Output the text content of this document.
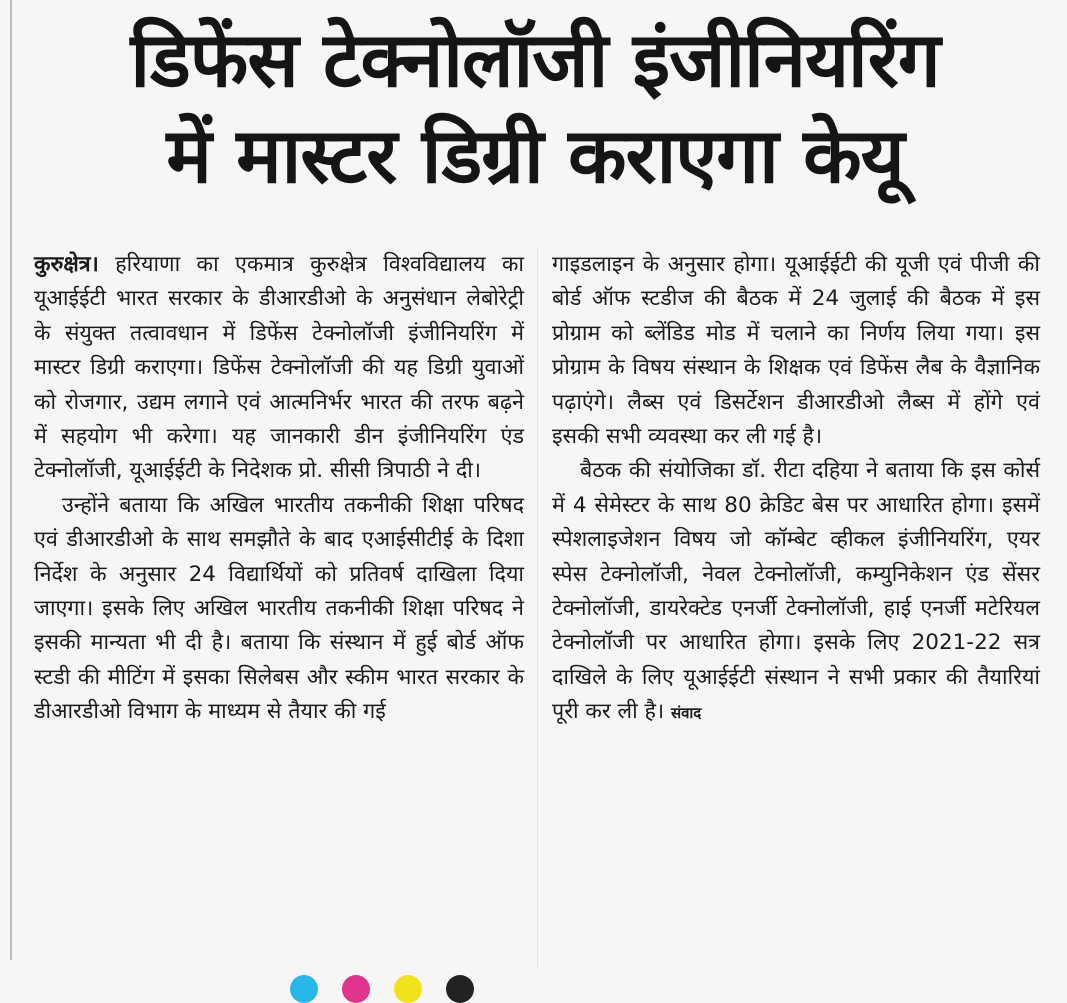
डिफेंस टेक्नोलॉजी इंजीनियरिंग
में मास्टर डिग्री कराएगा केयू

कुरुक्षेत्र। हरियाणा का एकमात्र कुरुक्षेत्र विश्वविद्यालय का यूआईईटी भारत सरकार के डीआरडीओ के अनुसंधान लेबोरेट्री के संयुक्त तत्वावधान में डिफेंस टेक्नोलॉजी इंजीनियरिंग में मास्टर डिग्री कराएगा। डिफेंस टेक्नोलॉजी की यह डिग्री युवाओं को रोजगार, उद्यम लगाने एवं आत्मनिर्भर भारत की तरफ बढ़ने में सहयोग भी करेगा। यह जानकारी डीन इंजीनियरिंग एंड टेक्नोलॉजी, यूआईईटी के निदेशक प्रो. सीसी त्रिपाठी ने दी।

उन्होंने बताया कि अखिल भारतीय तकनीकी शिक्षा परिषद एवं डीआरडीओ के साथ समझौते के बाद एआईसीटीई के दिशा निर्देश के अनुसार 24 विद्यार्थियों को प्रतिवर्ष दाखिला दिया जाएगा। इसके लिए अखिल भारतीय तकनीकी शिक्षा परिषद ने इसकी मान्यता भी दी है। बताया कि संस्थान में हुई बोर्ड ऑफ स्टडी की मीटिंग में इसका सिलेबस और स्कीम भारत सरकार के डीआरडीओ विभाग के माध्यम से तैयार की गई

गाइडलाइन के अनुसार होगा। यूआईईटी की यूजी एवं पीजी की बोर्ड ऑफ स्टडीज की बैठक में 24 जुलाई की बैठक में इस प्रोग्राम को ब्लेंडिड मोड में चलाने का निर्णय लिया गया। इस प्रोग्राम के विषय संस्थान के शिक्षक एवं डिफेंस लैब के वैज्ञानिक पढ़ाएंगे। लैब्स एवं डिसर्टेशन डीआरडीओ लैब्स में होंगे एवं इसकी सभी व्यवस्था कर ली गई है।

बैठक की संयोजिका डॉ. रीटा दहिया ने बताया कि इस कोर्स में 4 सेमेस्टर के साथ 80 क्रेडिट बेस पर आधारित होगा। इसमें स्पेशलाइजेशन विषय जो कॉम्बेट व्हीकल इंजीनियरिंग, एयर स्पेस टेक्नोलॉजी, नेवल टेक्नोलॉजी, कम्युनिकेशन एंड सेंसर टेक्नोलॉजी, डायरेक्टेड एनर्जी टेक्नोलॉजी, हाई एनर्जी मटेरियल टेक्नोलॉजी पर आधारित होगा। इसके लिए 2021-22 सत्र दाखिले के लिए यूआईईटी संस्थान ने सभी प्रकार की तैयारियां पूरी कर ली है। संवाद
